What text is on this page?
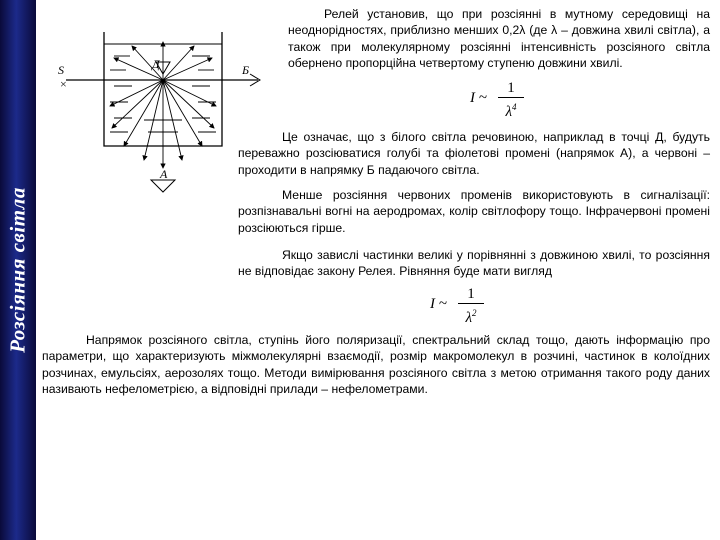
Розсіяння світла
S
×
Д	Б
А

Релей установив, що при розсіянні в мутному середовищі на неоднорідностях, приблизно менших 0,2λ (де λ – довжина хвилі світла), а також при молекулярному розсіянні інтенсивність розсіяного світла обернено пропорційна четвертому ступеню довжини хвилі.

I ~
1
$\lambda^4$

Це означає, що з білого світла речовиною, наприклад в точці Д, будуть переважно розсіюватися голубі та фіолетові промені (напрямок А), а червоні – проходити в напрямку Б падаючого світла.

Менше розсіяння червоних променів використовують в сигналізації: розпізнавальні вогні на аеродромах, колір світлофору тощо. Інфрачервоні промені розсіюються гірше.

Якщо завислі частинки великі у порівнянні з довжиною хвилі, то розсіяння не відповідає закону Релея. Рівняння буде мати вигляд

I ~
1
$\lambda^2$

Напрямок розсіяного світла, ступінь його поляризації, спектральний склад тощо, дають інформацію про параметри, що характеризують міжмолекулярні взаємодії, розмір макромолекул в розчині, частинок в колоїдних розчинах, емульсіях, аерозолях тощо. Методи вимірювання розсіяного світла з метою отримання такого роду даних називають нефелометрією, а відповідні прилади – нефелометрами.
